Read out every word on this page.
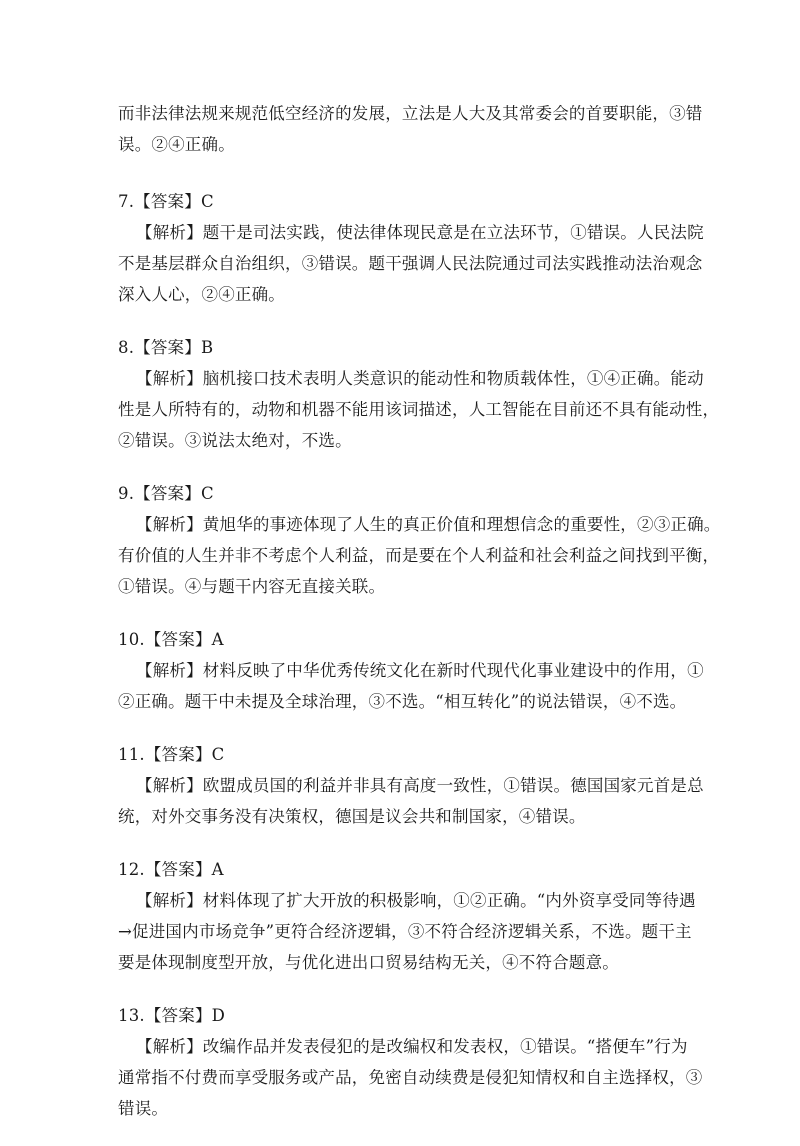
而非法律法规来规范低空经济的发展，立法是人大及其常委会的首要职能，③错
误。②④正确。
7.【答案】C
【解析】题干是司法实践，使法律体现民意是在立法环节，①错误。人民法院
不是基层群众自治组织，③错误。题干强调人民法院通过司法实践推动法治观念
深入人心，②④正确。
8.【答案】B
【解析】脑机接口技术表明人类意识的能动性和物质载体性，①④正确。能动
性是人所特有的，动物和机器不能用该词描述，人工智能在目前还不具有能动性，
②错误。③说法太绝对，不选。
9.【答案】C
【解析】黄旭华的事迹体现了人生的真正价值和理想信念的重要性，②③正确。
有价值的人生并非不考虑个人利益，而是要在个人利益和社会利益之间找到平衡，
①错误。④与题干内容无直接关联。
10.【答案】A
【解析】材料反映了中华优秀传统文化在新时代现代化事业建设中的作用，①
②正确。题干中未提及全球治理，③不选。“相互转化”的说法错误，④不选。
11.【答案】C
【解析】欧盟成员国的利益并非具有高度一致性，①错误。德国国家元首是总
统，对外交事务没有决策权，德国是议会共和制国家，④错误。
12.【答案】A
【解析】材料体现了扩大开放的积极影响，①②正确。“内外资享受同等待遇
→促进国内市场竞争”更符合经济逻辑，③不符合经济逻辑关系，不选。题干主
要是体现制度型开放，与优化进出口贸易结构无关，④不符合题意。
13.【答案】D
【解析】改编作品并发表侵犯的是改编权和发表权，①错误。“搭便车”行为
通常指不付费而享受服务或产品，免密自动续费是侵犯知情权和自主选择权，③
错误。
